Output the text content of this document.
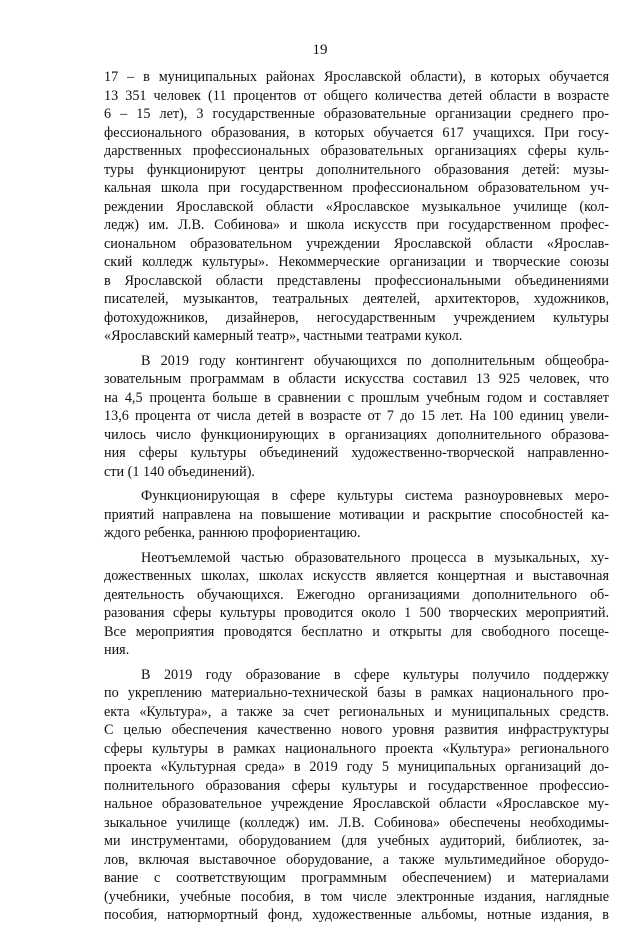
19
17 – в муниципальных районах Ярославской области), в которых обучается
13 351 человек (11 процентов от общего количества детей области в возрасте
6 – 15 лет), 3 государственные образовательные организации среднего про-
фессионального образования, в которых обучается 617 учащихся. При госу-
дарственных профессиональных образовательных организациях сферы куль-
туры функционируют центры дополнительного образования детей: музы-
кальная школа при государственном профессиональном образовательном уч-
реждении Ярославской области «Ярославское музыкальное училище (кол-
ледж) им. Л.В. Собинова» и школа искусств при государственном профес-
сиональном образовательном учреждении Ярославской области «Ярослав-
ский колледж культуры». Некоммерческие организации и творческие союзы
в Ярославской области представлены профессиональными объединениями
писателей, музыкантов, театральных деятелей, архитекторов, художников,
фотохудожников, дизайнеров, негосударственным учреждением культуры
«Ярославский камерный театр», частными театрами кукол.
В 2019 году контингент обучающихся по дополнительным общеобра-
зовательным программам в области искусства составил 13 925 человек, что
на 4,5 процента больше в сравнении с прошлым учебным годом и составляет
13,6 процента от числа детей в возрасте от 7 до 15 лет. На 100 единиц увели-
чилось число функционирующих в организациях дополнительного образова-
ния сферы культуры объединений художественно-творческой направленно-
сти (1 140 объединений).
Функционирующая в сфере культуры система разноуровневых меро-
приятий направлена на повышение мотивации и раскрытие способностей ка-
ждого ребенка, раннюю профориентацию.
Неотъемлемой частью образовательного процесса в музыкальных, ху-
дожественных школах, школах искусств является концертная и выставочная
деятельность обучающихся. Ежегодно организациями дополнительного об-
разования сферы культуры проводится около 1 500 творческих мероприятий.
Все мероприятия проводятся бесплатно и открыты для свободного посеще-
ния.
В 2019 году образование в сфере культуры получило поддержку
по укреплению материально-технической базы в рамках национального про-
екта «Культура», а также за счет региональных и муниципальных средств.
С целью обеспечения качественно нового уровня развития инфраструктуры
сферы культуры в рамках национального проекта «Культура» регионального
проекта «Культурная среда» в 2019 году 5 муниципальных организаций до-
полнительного образования сферы культуры и государственное профессио-
нальное образовательное учреждение Ярославской области «Ярославское му-
зыкальное училище (колледж) им. Л.В. Собинова» обеспечены необходимы-
ми инструментами, оборудованием (для учебных аудиторий, библиотек, за-
лов, включая выставочное оборудование, а также мультимедийное оборудо-
вание с соответствующим программным обеспечением) и материалами
(учебники, учебные пособия, в том числе электронные издания, наглядные
пособия, натюрмортный фонд, художественные альбомы, нотные издания, в
